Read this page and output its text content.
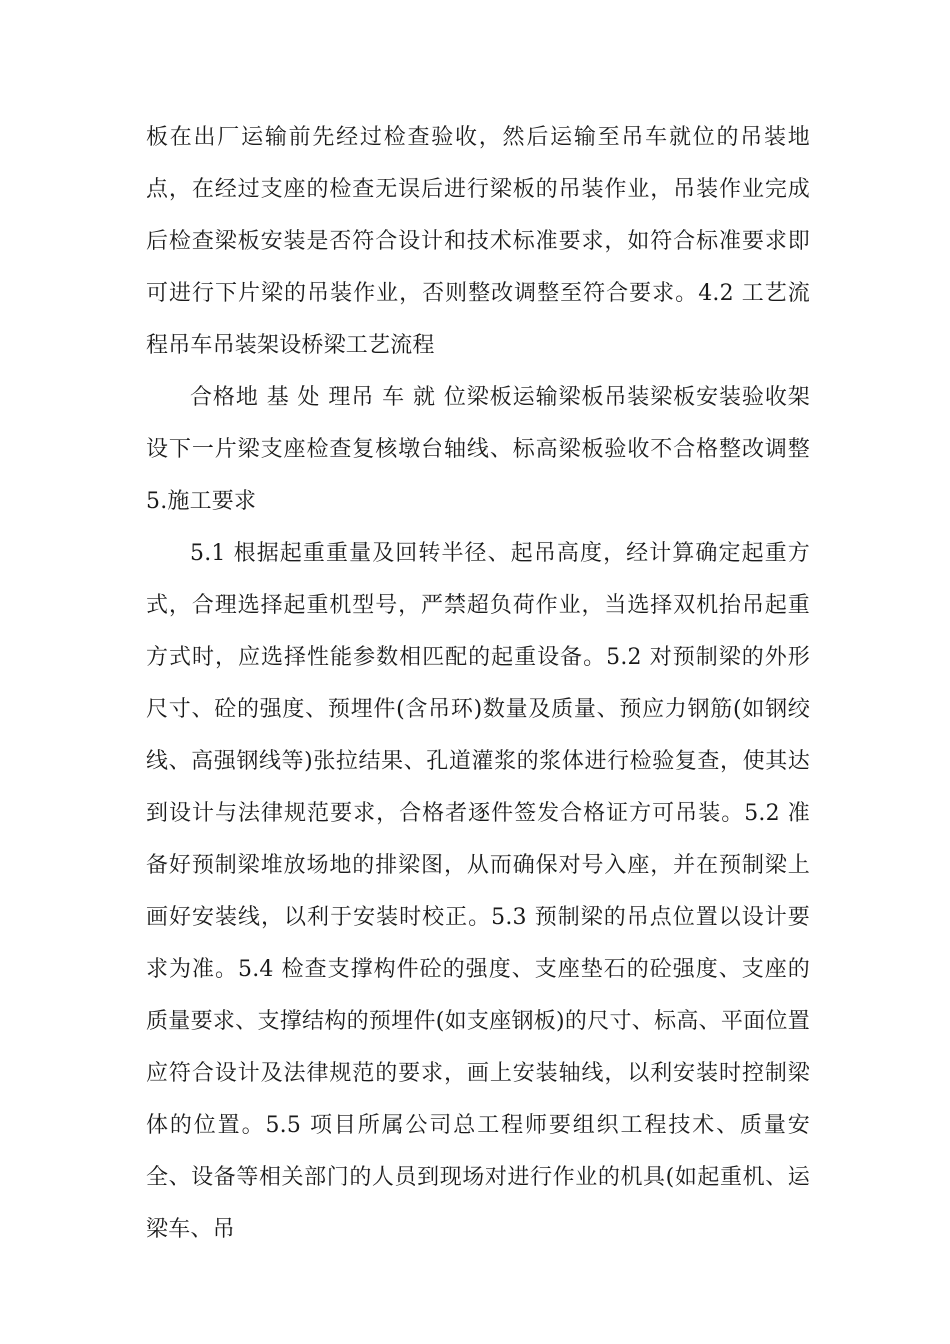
板在出厂运输前先经过检查验收，然后运输至吊车就位的吊装地点，在经过支座的检查无误后进行梁板的吊装作业，吊装作业完成后检查梁板安装是否符合设计和技术标准要求，如符合标准要求即可进行下片梁的吊装作业，否则整改调整至符合要求。4.2 工艺流程吊车吊装架设桥梁工艺流程

合格地 基 处 理吊 车 就 位梁板运输梁板吊装梁板安装验收架设下一片梁支座检查复核墩台轴线、标高梁板验收不合格整改调整 5.施工要求

5.1 根据起重重量及回转半径、起吊高度，经计算确定起重方式，合理选择起重机型号，严禁超负荷作业，当选择双机抬吊起重方式时，应选择性能参数相匹配的起重设备。5.2 对预制梁的外形尺寸、砼的强度、预埋件(含吊环)数量及质量、预应力钢筋(如钢绞线、高强钢线等)张拉结果、孔道灌浆的浆体进行检验复查，使其达到设计与法律规范要求，合格者逐件签发合格证方可吊装。5.2 准备好预制梁堆放场地的排梁图，从而确保对号入座，并在预制梁上画好安装线，以利于安装时校正。5.3 预制梁的吊点位置以设计要求为准。5.4 检查支撑构件砼的强度、支座垫石的砼强度、支座的质量要求、支撑结构的预埋件(如支座钢板)的尺寸、标高、平面位置应符合设计及法律规范的要求，画上安装轴线，以利安装时控制梁体的位置。5.5 项目所属公司总工程师要组织工程技术、质量安全、设备等相关部门的人员到现场对进行作业的机具(如起重机、运梁车、吊
